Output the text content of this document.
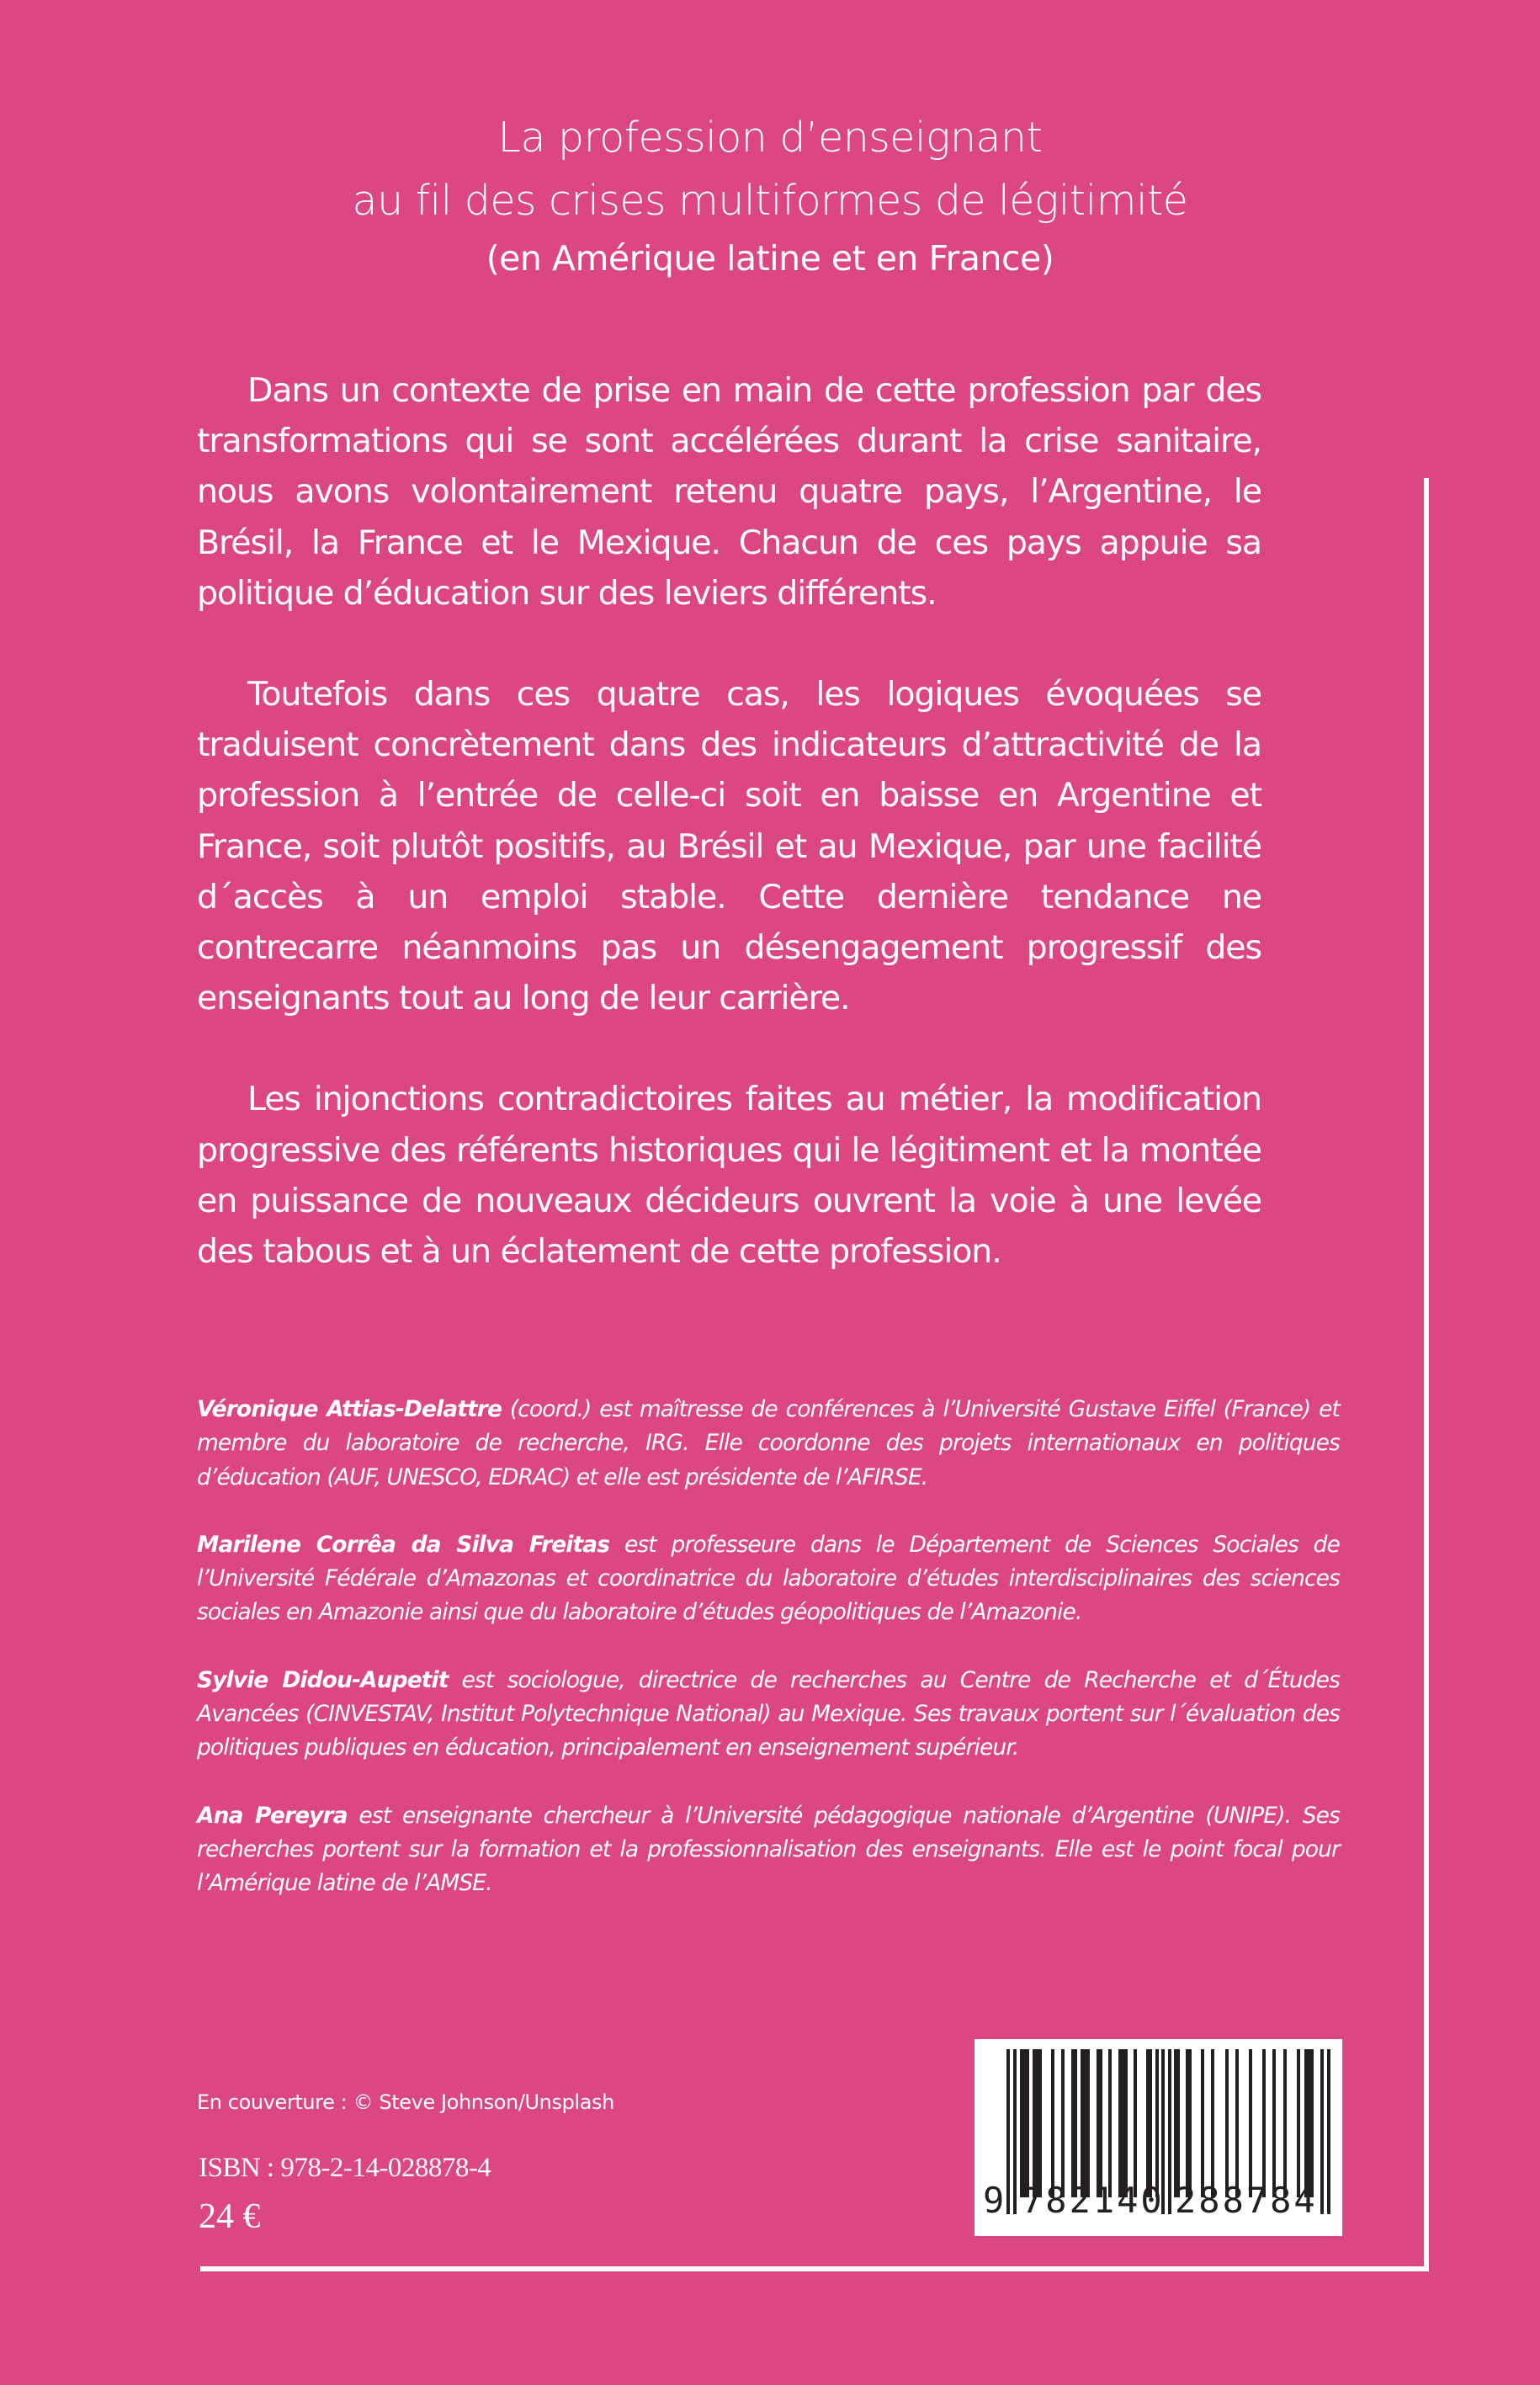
La profession d’enseignant
au fil des crises multiformes de légitimité
(en Amérique latine et en France)

Dans un contexte de prise en main de cette profession par des transformations qui se sont accélérées durant la crise sanitaire, nous avons volontairement retenu quatre pays, l’Argentine, le Brésil, la France et le Mexique. Chacun de ces pays appuie sa politique d’éducation sur des leviers différents.

Toutefois dans ces quatre cas, les logiques évoquées se traduisent concrètement dans des indicateurs d’attractivité de la profession à l’entrée de celle-ci soit en baisse en Argentine et France, soit plutôt positifs, au Brésil et au Mexique, par une facilité d´accès à un emploi stable. Cette dernière tendance ne contrecarre néanmoins pas un désengagement progressif des enseignants tout au long de leur carrière.

Les injonctions contradictoires faites au métier, la modification progressive des référents historiques qui le légitiment et la montée en puissance de nouveaux décideurs ouvrent la voie à une levée des tabous et à un éclatement de cette profession.

Véronique Attias-Delattre (coord.) est maîtresse de conférences à l’Université Gustave Eiffel (France) et membre du laboratoire de recherche, IRG. Elle coordonne des projets internationaux en politiques d’éducation (AUF, UNESCO, EDRAC) et elle est présidente de l’AFIRSE.

Marilene Corrêa da Silva Freitas est professeure dans le Département de Sciences Sociales de l’Université Fédérale d’Amazonas et coordinatrice du laboratoire d’études interdisciplinaires des sciences sociales en Amazonie ainsi que du laboratoire d’études géopolitiques de l’Amazonie.

Sylvie Didou-Aupetit est sociologue, directrice de recherches au Centre de Recherche et d´Études Avancées (CINVESTAV, Institut Polytechnique National) au Mexique. Ses travaux portent sur l´évaluation des politiques publiques en éducation, principalement en enseignement supérieur.

Ana Pereyra est enseignante chercheur à l’Université pédagogique nationale d’Argentine (UNIPE). Ses recherches portent sur la formation et la professionnalisation des enseignants. Elle est le point focal pour l’Amérique latine de l’AMSE.

En couverture : © Steve Johnson/Unsplash
ISBN : 978-2-14-028878-4
24 €	9 782140 288784
